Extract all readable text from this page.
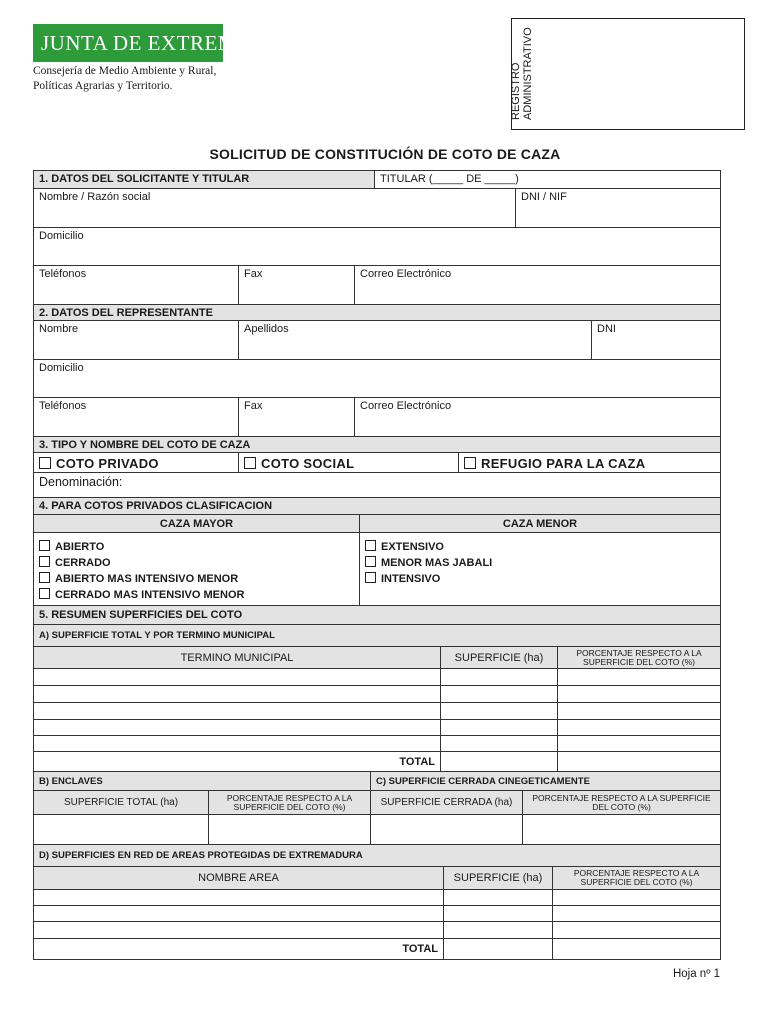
JUNTA DE EXTREMADURA
Consejería de Medio Ambiente y Rural,
Políticas Agrarias y Territorio.	REGISTRO ADMINISTRATIVO
SOLICITUD DE CONSTITUCIÓN DE COTO DE CAZA
1. DATOS DEL SOLICITANTE Y TITULAR	TITULAR (_____ DE _____)
Nombre / Razón social	DNI / NIF
Domicilio
Teléfonos	Fax	Correo Electrónico
2. DATOS DEL REPRESENTANTE
Nombre	Apellidos	DNI
Domicilio
Teléfonos	Fax	Correo Electrónico
3. TIPO Y NOMBRE DEL COTO DE CAZA
COTO PRIVADO	COTO SOCIAL	REFUGIO PARA LA CAZA
Denominación:
4. PARA COTOS PRIVADOS CLASIFICACION
CAZA MAYOR	CAZA MENOR
ABIERTO
CERRADO
ABIERTO MAS INTENSIVO MENOR
CERRADO MAS INTENSIVO MENOR
EXTENSIVO
MENOR MAS JABALI
INTENSIVO
5. RESUMEN SUPERFICIES DEL COTO
A) SUPERFICIE TOTAL Y POR TERMINO MUNICIPAL
TERMINO MUNICIPAL	SUPERFICIE (ha)	PORCENTAJE RESPECTO A LA SUPERFICIE DEL COTO (%)
TOTAL
B) ENCLAVES	C) SUPERFICIE CERRADA CINEGETICAMENTE
SUPERFICIE TOTAL (ha)	PORCENTAJE RESPECTO A LA SUPERFICIE DEL COTO (%)	SUPERFICIE CERRADA (ha)	PORCENTAJE RESPECTO A LA SUPERFICIE DEL COTO (%)
D) SUPERFICIES EN RED DE AREAS PROTEGIDAS DE EXTREMADURA
NOMBRE AREA	SUPERFICIE (ha)	PORCENTAJE RESPECTO A LA SUPERFICIE DEL COTO (%)
TOTAL
Hoja nº 1
